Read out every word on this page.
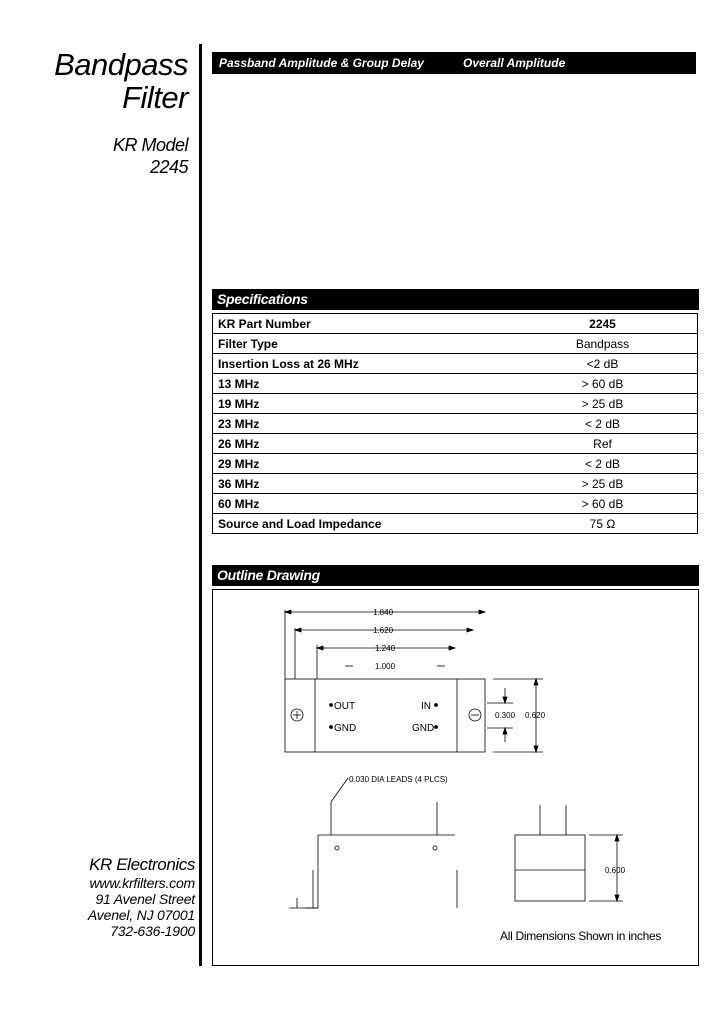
Bandpass
Filter
KR Model
2245
KR Electronics
www.krfilters.com
91 Avenel Street
Avenel, NJ 07001
732-636-1900
Passband Amplitude & Group Delay	Overall Amplitude
Specifications
KR Part Number	2245
Filter Type	Bandpass
Insertion Loss at 26 MHz	<2 dB
13 MHz	> 60 dB
19 MHz	> 25 dB
23 MHz	< 2 dB
26 MHz	Ref
29 MHz	< 2 dB
36 MHz	> 25 dB
60 MHz	> 60 dB
Source and Load Impedance	75 Ω
Outline Drawing
1.840
1.620
1.240
1.000
0.300 0.620
0.600
OUT
GND
IN
GND
0.030 DIA LEADS (4 PLCS)
All Dimensions Shown in inches
